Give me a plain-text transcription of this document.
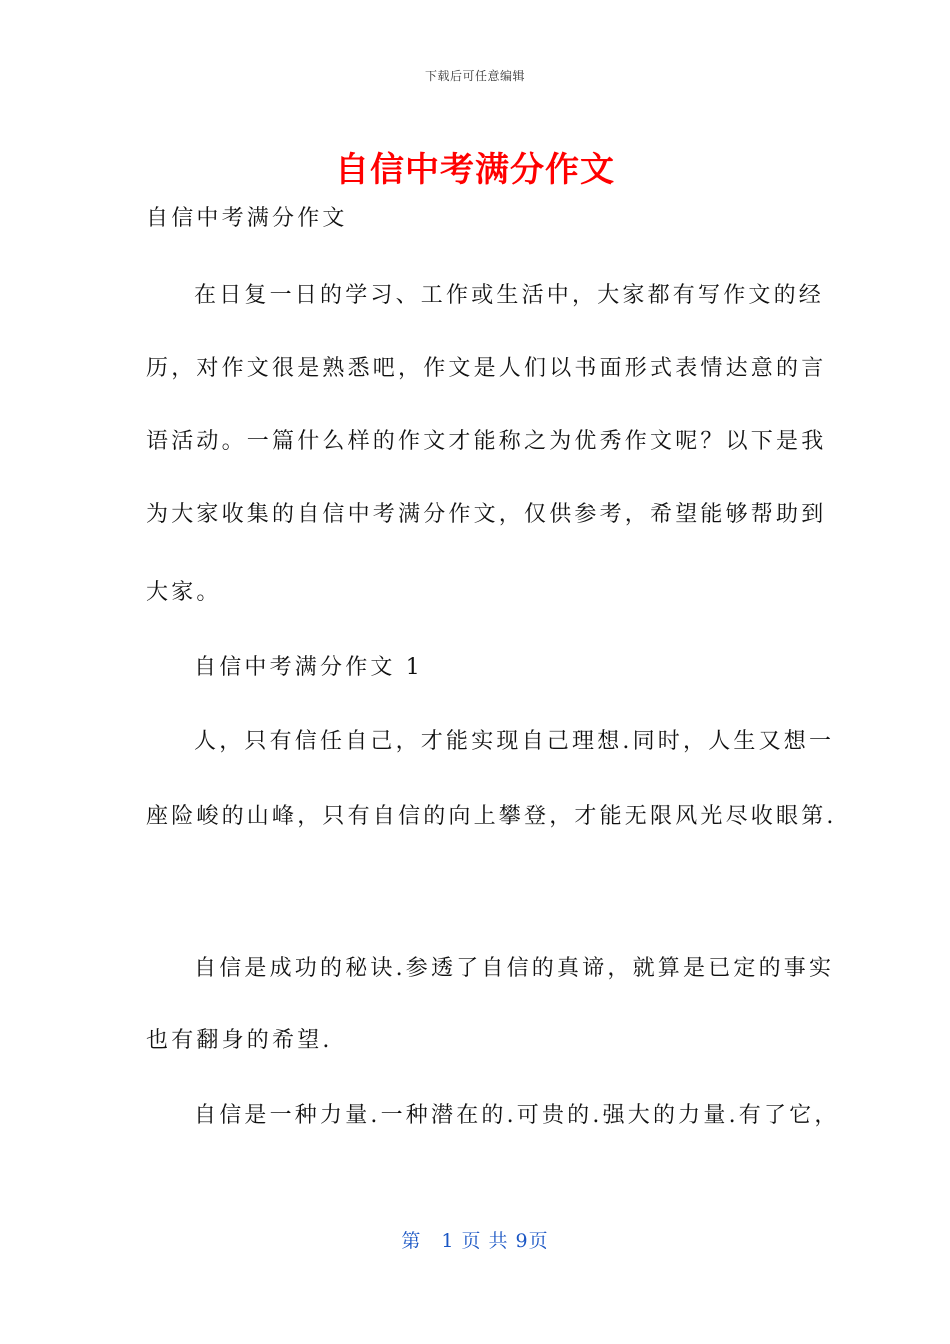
下载后可任意编辑
自信中考满分作文
自信中考满分作文
在日复一日的学习、工作或生活中，大家都有写作文的经
历，对作文很是熟悉吧，作文是人们以书面形式表情达意的言
语活动。一篇什么样的作文才能称之为优秀作文呢？以下是我
为大家收集的自信中考满分作文，仅供参考，希望能够帮助到
大家。
自信中考满分作文 1
人，只有信任自己，才能实现自己理想.同时，人生又想一
座险峻的山峰，只有自信的向上攀登，才能无限风光尽收眼第.
自信是成功的秘诀.参透了自信的真谛，就算是已定的事实
也有翻身的希望.
自信是一种力量.一种潜在的.可贵的.强大的力量.有了它，
第　1 页 共 9页
